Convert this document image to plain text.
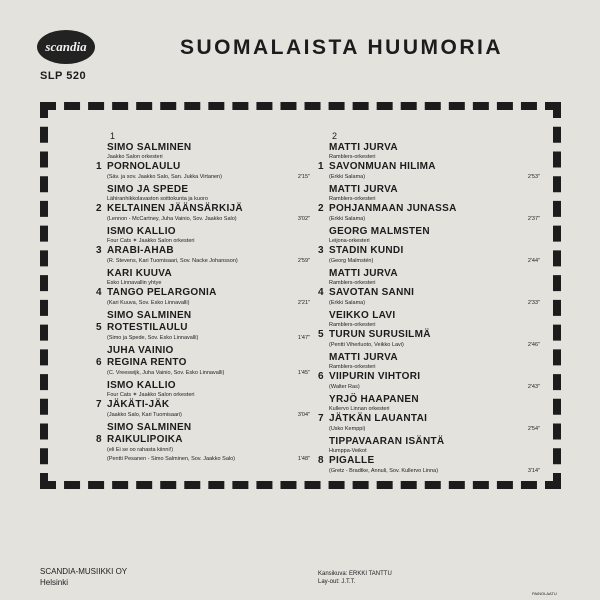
scandia
SLP 520
SUOMALAISTA HUUMORIA
1
SIMO SALMINEN
Jaakko Salon orkesteri
1 PORNOLAULU
(Säv. ja sov. Jaakko Salo, San. Jukka Virtanen)	2'15"
SIMO JA SPEDE
Lähiranhikkolavaston soittokunta ja kuoro
2 KELTAINEN JÄÄNSÄRKIJÄ
(Lennon - McCartney, Juha Vainio, Sov. Jaakko Salo)	3'02"
ISMO KALLIO
Four Cats ✶ Jaakko Salon orkesteri
3 ARABI-AHAB
(R. Stevens, Kari Tuomisaari, Sov. Nacke Johansson)	2'59"
KARI KUUVA
Esko Linnavallin yhtye
4 TANGO PELARGONIA
(Kari Kuuva, Sov. Esko Linnavalli)	2'21"
SIMO SALMINEN
5 ROTESTILAULU
(Simo ja Spede, Sov. Esko Linnavalli)	1'47"
JUHA VAINIO
6 REGINA RENTO
(C. Vreeswijk, Juha Vainio, Sov. Esko Linnavalli)	1'45"
ISMO KALLIO
Four Cats ✶ Jaakko Salon orkesteri
7 JÄKÄTI-JÄK
(Jaakko Salo, Kari Tuomisaari)	3'04"
SIMO SALMINEN
8 RAIKULIPOIKA
(eli Ei se oo rahasta kiinni!)
(Pentti Pesanen - Simo Salminen, Sov. Jaakko Salo)	1'48"
2
MATTI JURVA
Ramblers-orkesteri
1 SAVONMUAN HILIMA
(Erkki Salama)	2'53"
MATTI JURVA
Ramblers-orkesteri
2 POHJANMAAN JUNASSA
(Erkki Salama)	2'37"
GEORG MALMSTEN
Leijona-orkesteri
3 STADIN KUNDI
(Georg Malmstén)	2'44"
MATTI JURVA
Ramblers-orkesteri
4 SAVOTAN SANNI
(Erkki Salama)	2'33"
VEIKKO LAVI
Ramblers-orkesteri
5 TURUN SURUSILMÄ
(Pentti Viherluoto, Veikko Lavi)	2'46"
MATTI JURVA
Ramblers-orkesteri
6 VIIPURIN VIHTORI
(Walter Ras)	2'43"
YRJÖ HAAPANEN
Kullervo Linnan orkesteri
7 JÄTKÄN LAUANTAI
(Usko Kemppi)	2'54"
TIPPAVAARAN ISÄNTÄ
Humppa-Veikot
8 PIGALLE
(Gretz - Bradtke, Annuli, Sov. Kullervo Linna)	3'14"
SCANDIA-MUSIIKKI OY
Helsinki
Kansikuva: ERKKI TANTTU
Lay-out: J.T.T.
PAINOLAATU
